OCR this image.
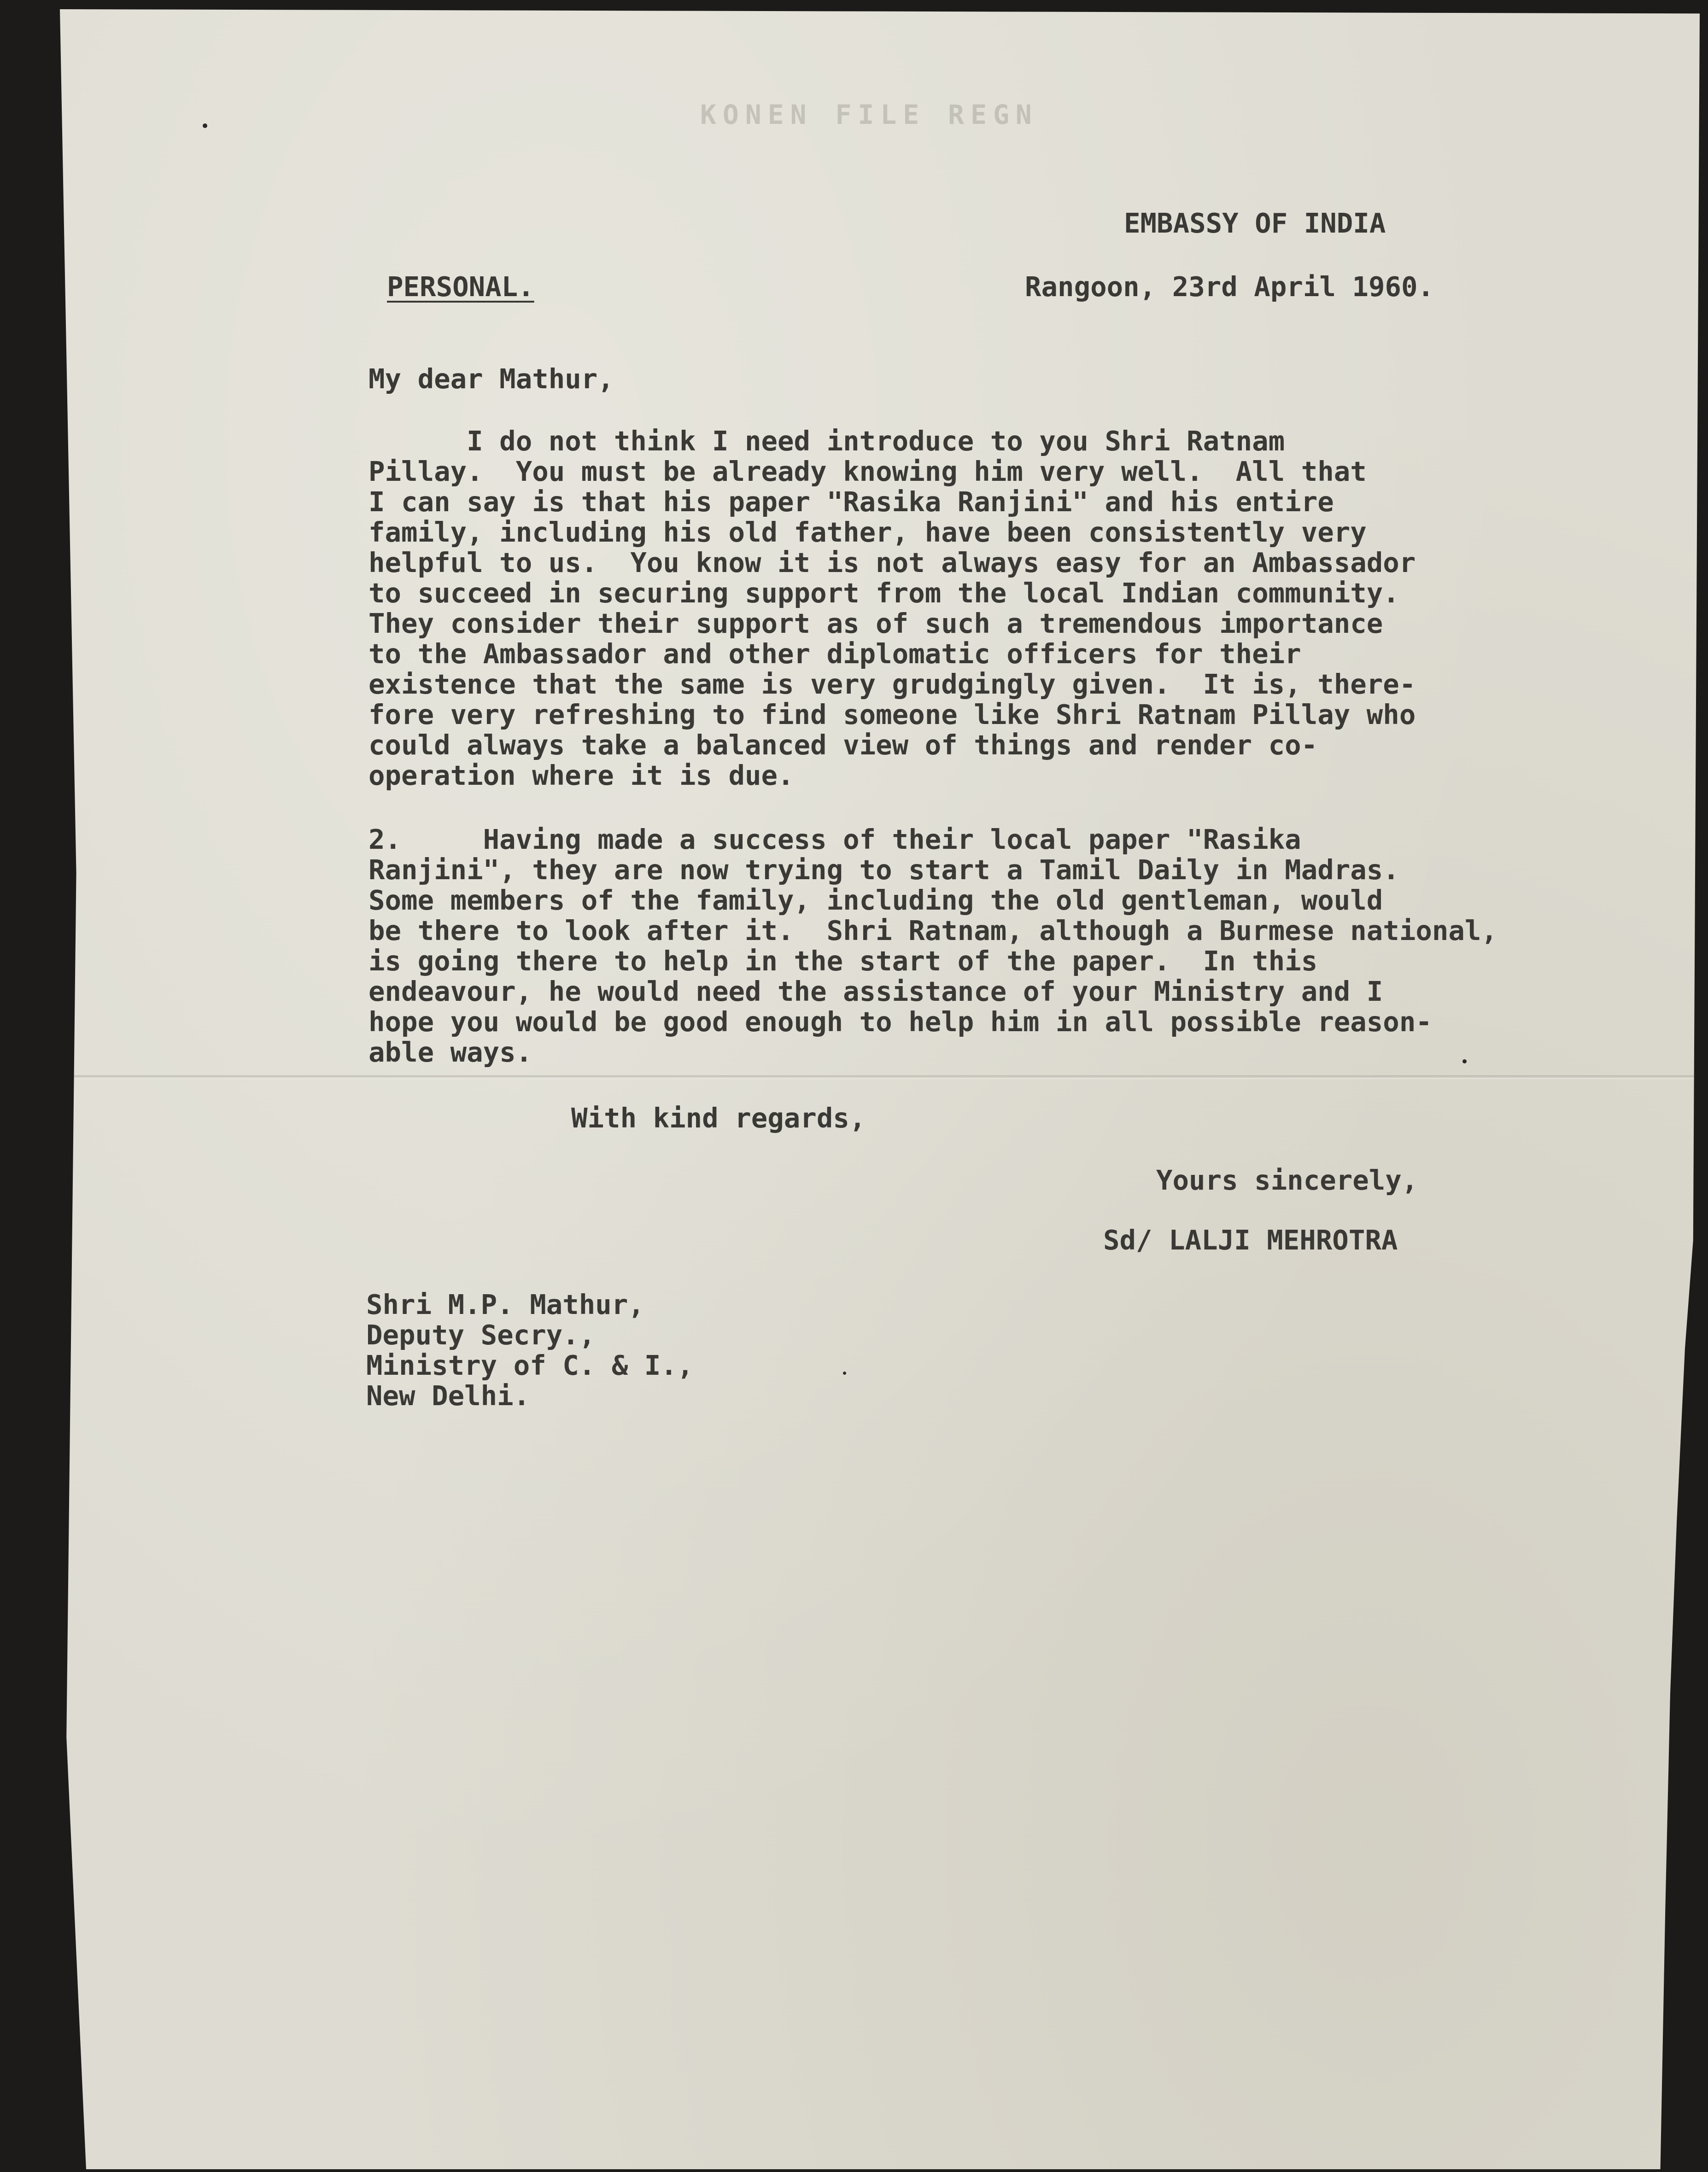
KONEN FILE REGN
EMBASSY OF INDIA
PERSONAL.	Rangoon, 23rd April 1960.
My dear Mathur,
I do not think I need introduce to you Shri Ratnam
Pillay.  You must be already knowing him very well.  All that
I can say is that his paper "Rasika Ranjini" and his entire
family, including his old father, have been consistently very
helpful to us.  You know it is not always easy for an Ambassador
to succeed in securing support from the local Indian community.
They consider their support as of such a tremendous importance
to the Ambassador and other diplomatic officers for their
existence that the same is very grudgingly given.  It is, there-
fore very refreshing to find someone like Shri Ratnam Pillay who
could always take a balanced view of things and render co-
operation where it is due.
2.     Having made a success of their local paper "Rasika
Ranjini", they are now trying to start a Tamil Daily in Madras.
Some members of the family, including the old gentleman, would
be there to look after it.  Shri Ratnam, although a Burmese national,
is going there to help in the start of the paper.  In this
endeavour, he would need the assistance of your Ministry and I
hope you would be good enough to help him in all possible reason-
able ways.
With kind regards,
Yours sincerely,
Sd/ LALJI MEHROTRA
Shri M.P. Mathur,
Deputy Secry.,
Ministry of C. & I.,
New Delhi.
